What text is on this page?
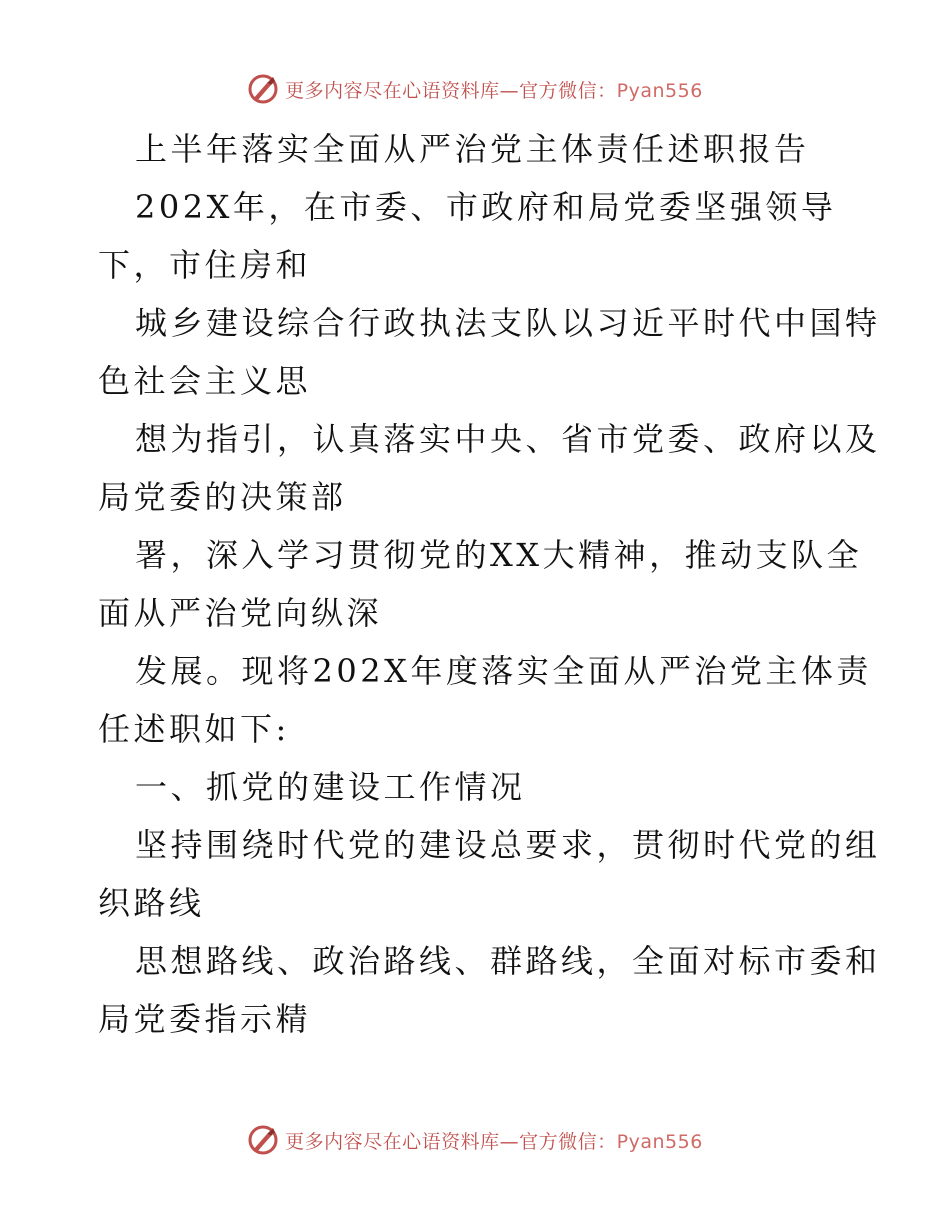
更多内容尽在心语资料库—官方微信：Pyan556
上半年落实全面从严治党主体责任述职报告
202X年，在市委、市政府和局党委坚强领导
下，市住房和
城乡建设综合行政执法支队以习近平时代中国特
色社会主义思
想为指引，认真落实中央、省市党委、政府以及
局党委的决策部
署，深入学习贯彻党的XX大精神，推动支队全
面从严治党向纵深
发展。现将202X年度落实全面从严治党主体责
任述职如下:
一、抓党的建设工作情况
坚持围绕时代党的建设总要求，贯彻时代党的组
织路线
思想路线、政治路线、群路线，全面对标市委和
局党委指示精
更多内容尽在心语资料库—官方微信：Pyan556
